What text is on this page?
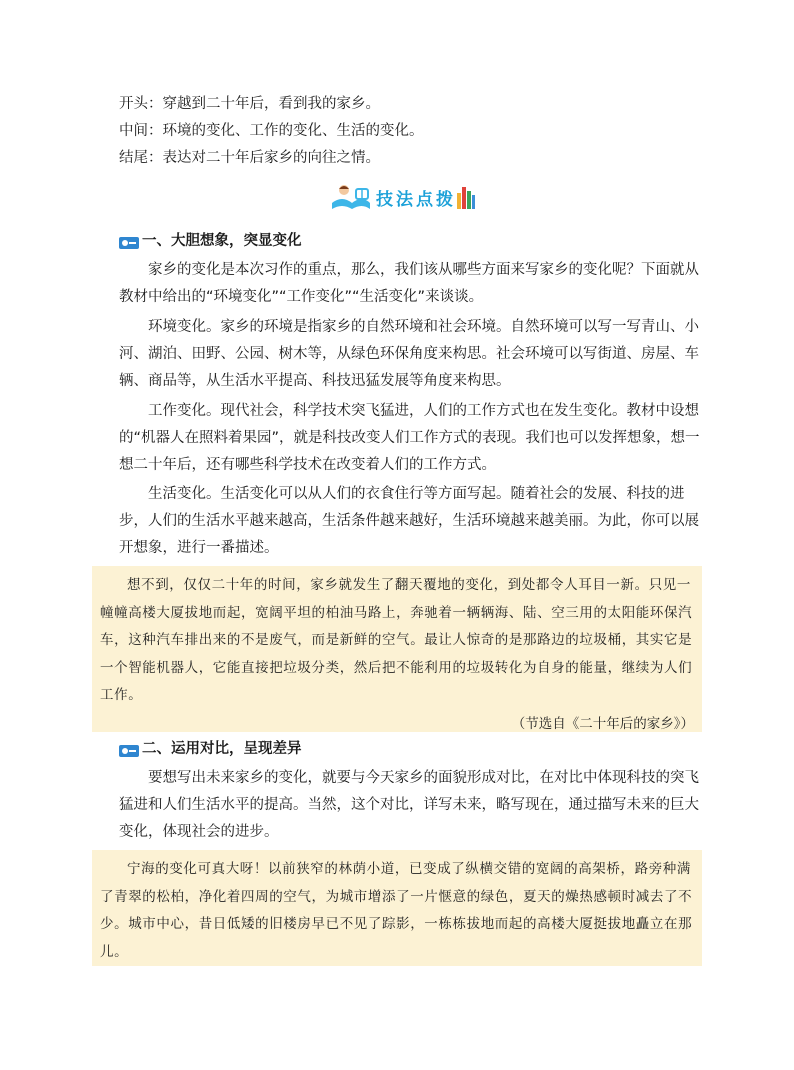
开头：穿越到二十年后，看到我的家乡。
中间：环境的变化、工作的变化、生活的变化。
结尾：表达对二十年后家乡的向往之情。
技法点拨
一、大胆想象，突显变化
家乡的变化是本次习作的重点，那么，我们该从哪些方面来写家乡的变化呢？下面就从教材中给出的“环境变化”“工作变化”“生活变化”来谈谈。
环境变化。家乡的环境是指家乡的自然环境和社会环境。自然环境可以写一写青山、小河、湖泊、田野、公园、树木等，从绿色环保角度来构思。社会环境可以写街道、房屋、车辆、商品等，从生活水平提高、科技迅猛发展等角度来构思。
工作变化。现代社会，科学技术突飞猛进，人们的工作方式也在发生变化。教材中设想的“机器人在照料着果园”，就是科技改变人们工作方式的表现。我们也可以发挥想象，想一想二十年后，还有哪些科学技术在改变着人们的工作方式。
生活变化。生活变化可以从人们的衣食住行等方面写起。随着社会的发展、科技的进步，人们的生活水平越来越高，生活条件越来越好，生活环境越来越美丽。为此，你可以展开想象，进行一番描述。
想不到，仅仅二十年的时间，家乡就发生了翻天覆地的变化，到处都令人耳目一新。只见一幢幢高楼大厦拔地而起，宽阔平坦的柏油马路上，奔驰着一辆辆海、陆、空三用的太阳能环保汽车，这种汽车排出来的不是废气，而是新鲜的空气。最让人惊奇的是那路边的垃圾桶，其实它是一个智能机器人，它能直接把垃圾分类，然后把不能利用的垃圾转化为自身的能量，继续为人们工作。
（节选自《二十年后的家乡》）
二、运用对比，呈现差异
要想写出未来家乡的变化，就要与今天家乡的面貌形成对比，在对比中体现科技的突飞猛进和人们生活水平的提高。当然，这个对比，详写未来，略写现在，通过描写未来的巨大变化，体现社会的进步。
宁海的变化可真大呀！以前狭窄的林荫小道，已变成了纵横交错的宽阔的高架桥，路旁种满了青翠的松柏，净化着四周的空气，为城市增添了一片惬意的绿色，夏天的燥热感顿时减去了不少。城市中心，昔日低矮的旧楼房早已不见了踪影，一栋栋拔地而起的高楼大厦挺拔地矗立在那儿。
